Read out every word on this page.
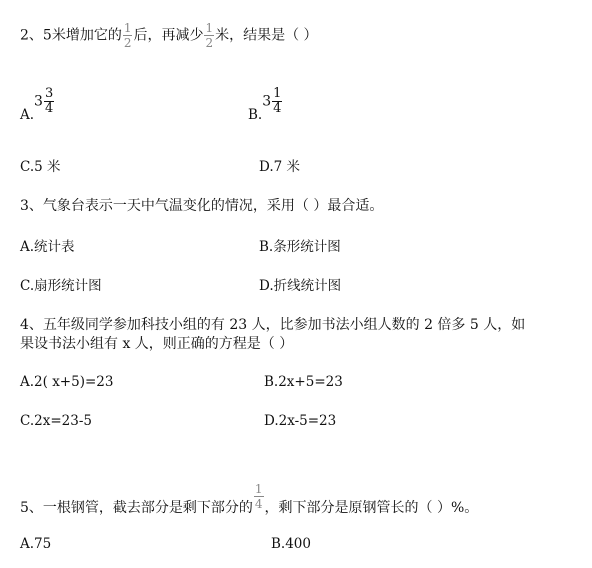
2、5米增加它的 $\frac{1}{2}$ 后，再减少 $\frac{1}{2}$ 米，结果是（ ）
$A.3 \frac{3}{4}$	$B.3 \frac{1}{4}$
C.5 米	D.7 米
3、气象台表示一天中气温变化的情况，采用（ ）最合适。
A.统计表	B.条形统计图
C.扇形统计图	D.折线统计图
4、五年级同学参加科技小组的有 23 人，比参加书法小组人数的 2 倍多 5 人，如
果设书法小组有 x 人，则正确的方程是（ ）
A.2( x+5)=23	B.2x+5=23
C.2x=23-5	D.2x-5=23
5、一根钢管，截去部分是剩下部分的 $\frac{1}{4}$ ，剩下部分是原钢管长的（ ）%。
A.75	B.400
